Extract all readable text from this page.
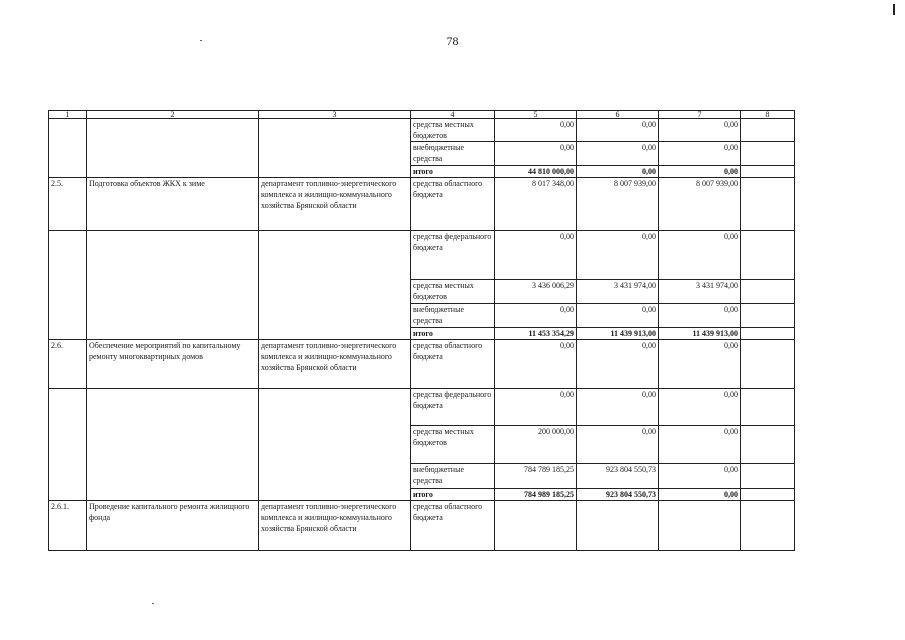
78
1	2	3	4	5	6	7	8
			средства местных бюджетов	0,00	0,00	0,00	
			внебюджетные средства	0,00	0,00	0,00	
			итого	44 810 000,00	0,00	0,00	
2.5.	Подготовка объектов ЖКХ к зиме	департамент топливно-энергетического комплекса и жилищно-коммунального хозяйства Брянской области	средства областного бюджета	8 017 348,00	8 007 939,00	8 007 939,00	
			средства федерального бюджета	0,00	0,00	0,00	
			средства местных бюджетов	3 436 006,29	3 431 974,00	3 431 974,00	
			внебюджетные средства	0,00	0,00	0,00	
			итого	11 453 354,29	11 439 913,00	11 439 913,00	
2.6.	Обеспечение мероприятий по капитальному ремонту многоквартирных домов	департамент топливно-энергетического комплекса и жилищно-коммунального хозяйства Брянской области	средства областного бюджета	0,00	0,00	0,00	
			средства федерального бюджета	0,00	0,00	0,00	
			средства местных бюджетов	200 000,00	0,00	0,00	
			внебюджетные средства	784 789 185,25	923 804 550,73	0,00	
			итого	784 989 185,25	923 804 550,73	0,00	
2.6.1.	Проведение капитального ремонта жилищного фонда	департамент топливно-энергетического комплекса и жилищно-коммунального хозяйства Брянской области	средства областного бюджета				
